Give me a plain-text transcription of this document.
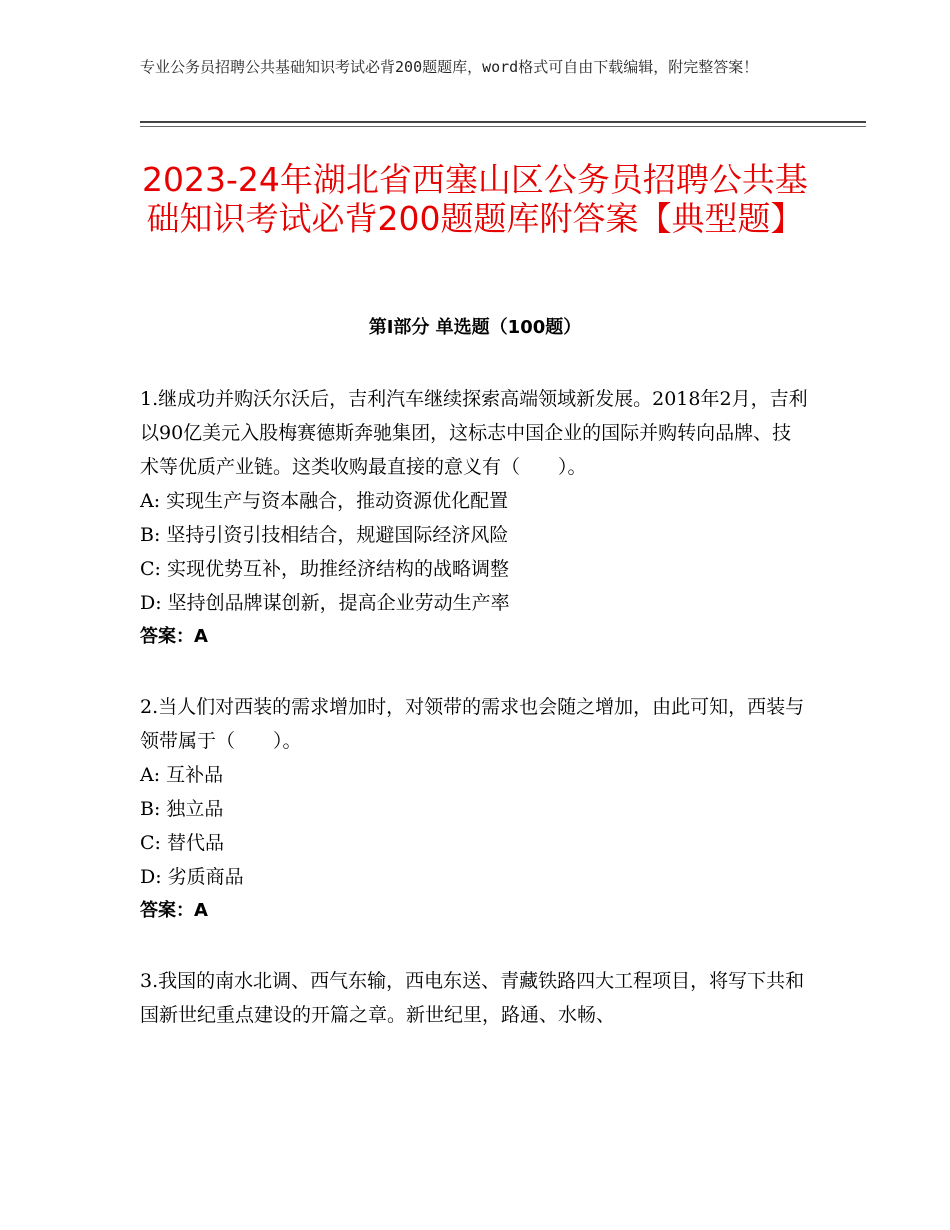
专业公务员招聘公共基础知识考试必背200题题库，word格式可自由下载编辑，附完整答案！
2023-24年湖北省西塞山区公务员招聘公共基础知识考试必背200题题库附答案【典型题】
第Ⅰ部分 单选题（100题）

1.继成功并购沃尔沃后，吉利汽车继续探索高端领域新发展。2018年2月，吉利以90亿美元入股梅赛德斯奔驰集团，这标志中国企业的国际并购转向品牌、技术等优质产业链。这类收购最直接的意义有（　　）。

A: 实现生产与资本融合，推动资源优化配置

B: 坚持引资引技相结合，规避国际经济风险

C: 实现优势互补，助推经济结构的战略调整

D: 坚持创品牌谋创新，提高企业劳动生产率

答案：A

2.当人们对西装的需求增加时，对领带的需求也会随之增加，由此可知，西装与领带属于（　　）。

A: 互补品

B: 独立品

C: 替代品

D: 劣质商品

答案：A

3.我国的南水北调、西气东输，西电东送、青藏铁路四大工程项目，将写下共和国新世纪重点建设的开篇之章。新世纪里，路通、水畅、
